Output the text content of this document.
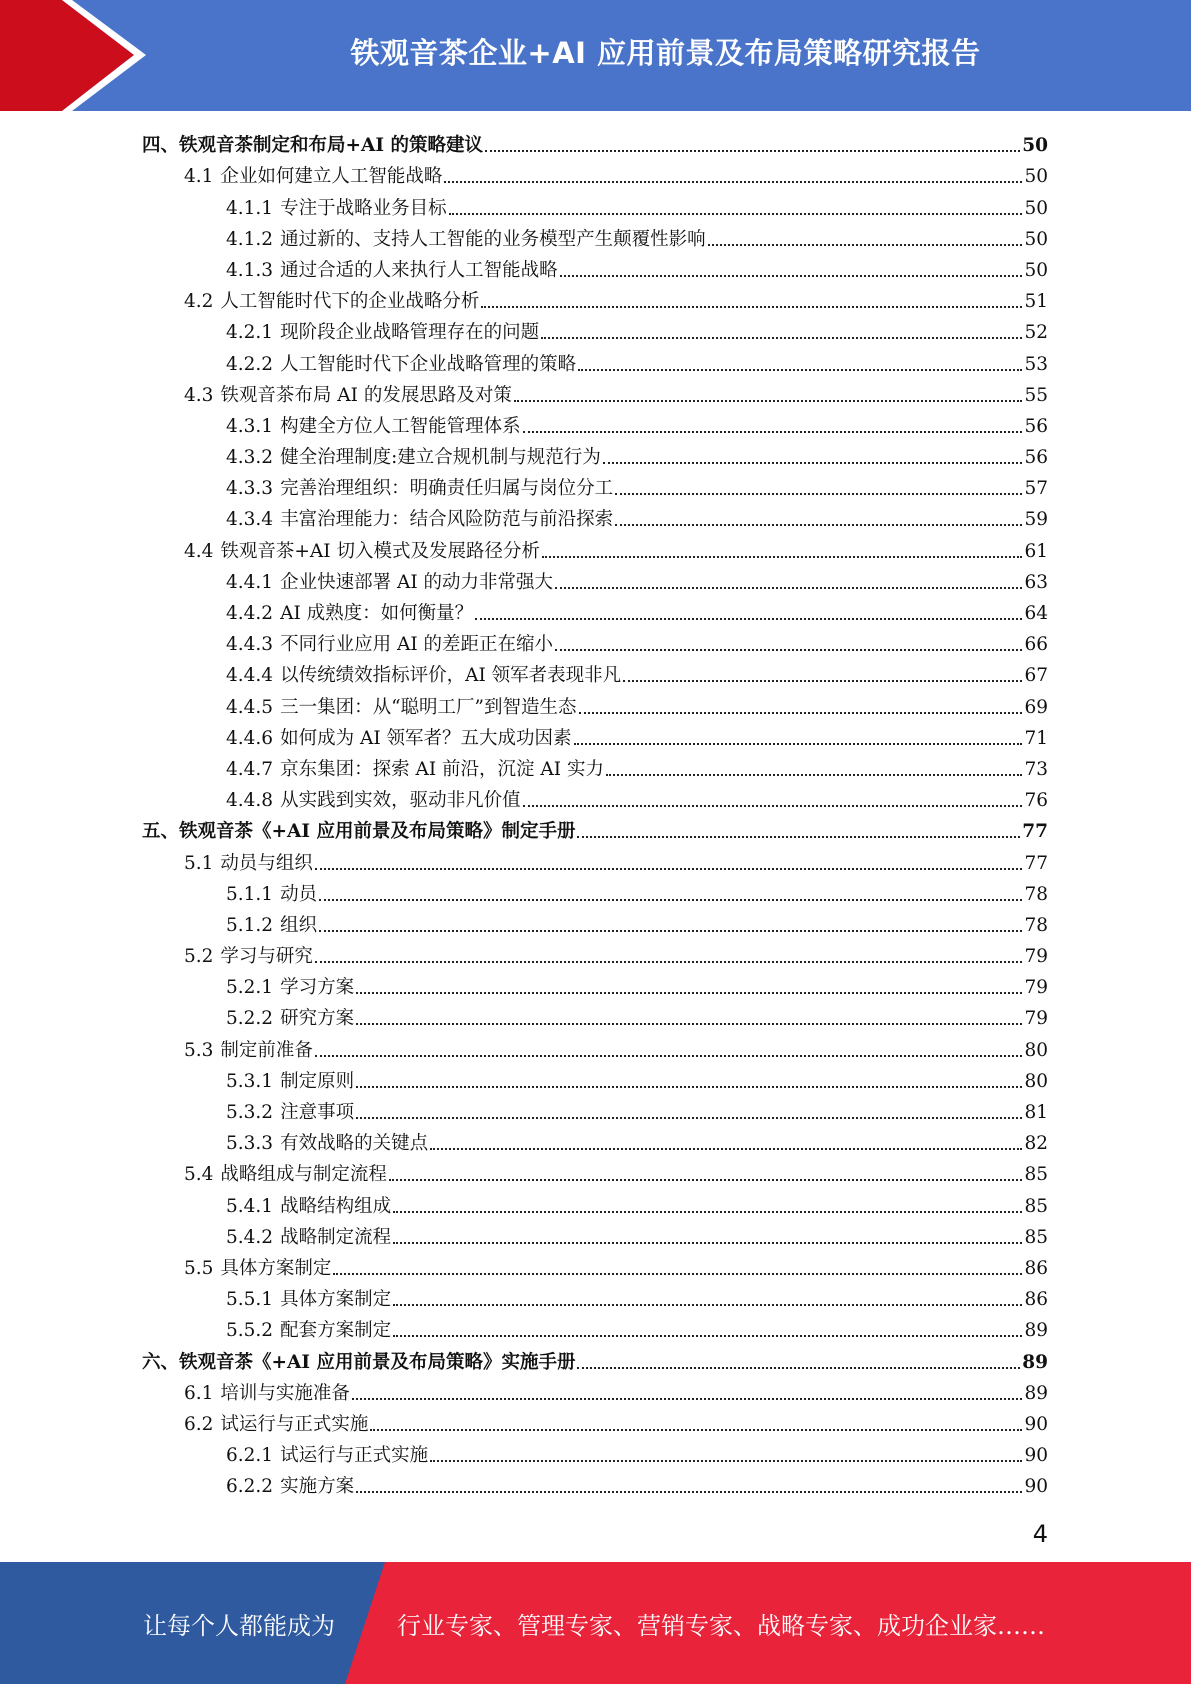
铁观音茶企业+AI 应用前景及布局策略研究报告
四、铁观音茶制定和布局+AI 的策略建议	50
4.1 企业如何建立人工智能战略	50
4.1.1 专注于战略业务目标	50
4.1.2 通过新的、支持人工智能的业务模型产生颠覆性影响	50
4.1.3 通过合适的人来执行人工智能战略	50
4.2 人工智能时代下的企业战略分析	51
4.2.1 现阶段企业战略管理存在的问题	52
4.2.2 人工智能时代下企业战略管理的策略	53
4.3 铁观音茶布局 AI 的发展思路及对策	55
4.3.1 构建全方位人工智能管理体系	56
4.3.2 健全治理制度:建立合规机制与规范行为	56
4.3.3 完善治理组织：明确责任归属与岗位分工	57
4.3.4 丰富治理能力：结合风险防范与前沿探索	59
4.4 铁观音茶+AI 切入模式及发展路径分析	61
4.4.1 企业快速部署 AI 的动力非常强大	63
4.4.2 AI 成熟度：如何衡量？	64
4.4.3 不同行业应用 AI 的差距正在缩小	66
4.4.4 以传统绩效指标评价，AI 领军者表现非凡	67
4.4.5 三一集团：从“聪明工厂”到智造生态	69
4.4.6 如何成为 AI 领军者？五大成功因素	71
4.4.7 京东集团：探索 AI 前沿，沉淀 AI 实力	73
4.4.8 从实践到实效，驱动非凡价值	76
五、铁观音茶《+AI 应用前景及布局策略》制定手册	77
5.1 动员与组织	77
5.1.1 动员	78
5.1.2 组织	78
5.2 学习与研究	79
5.2.1 学习方案	79
5.2.2 研究方案	79
5.3 制定前准备	80
5.3.1 制定原则	80
5.3.2 注意事项	81
5.3.3 有效战略的关键点	82
5.4 战略组成与制定流程	85
5.4.1 战略结构组成	85
5.4.2 战略制定流程	85
5.5 具体方案制定	86
5.5.1 具体方案制定	86
5.5.2 配套方案制定	89
六、铁观音茶《+AI 应用前景及布局策略》实施手册	89
6.1 培训与实施准备	89
6.2 试运行与正式实施	90
6.2.1 试运行与正式实施	90
6.2.2 实施方案	90
4
让每个人都能成为	行业专家、管理专家、营销专家、战略专家、成功企业家……
